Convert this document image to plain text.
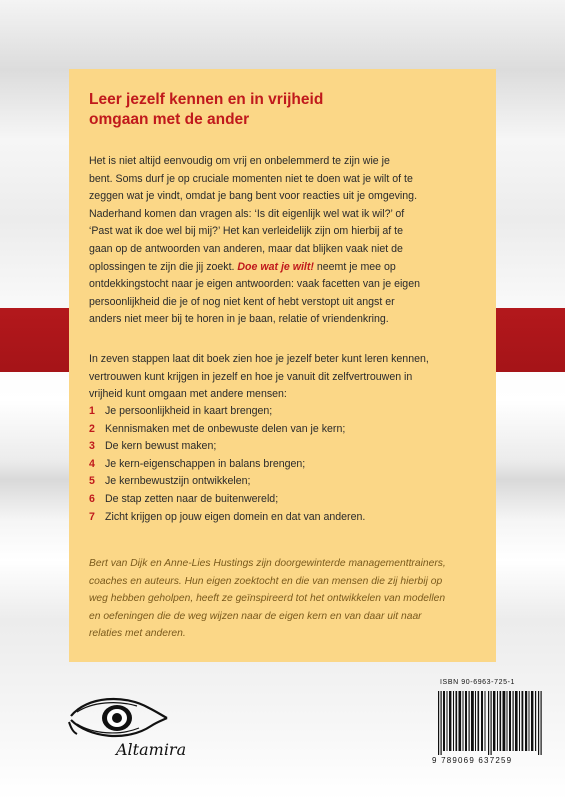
Leer jezelf kennen en in vrijheid
omgaan met de ander
Het is niet altijd eenvoudig om vrij en onbelemmerd te zijn wie je
bent. Soms durf je op cruciale momenten niet te doen wat je wilt of te
zeggen wat je vindt, omdat je bang bent voor reacties uit je omgeving.
Naderhand komen dan vragen als: ‘Is dit eigenlijk wel wat ik wil?’ of
‘Past wat ik doe wel bij mij?’ Het kan verleidelijk zijn om hierbij af te
gaan op de antwoorden van anderen, maar dat blijken vaak niet de
oplossingen te zijn die jij zoekt. Doe wat je wilt! neemt je mee op
ontdekkingstocht naar je eigen antwoorden: vaak facetten van je eigen
persoonlijkheid die je of nog niet kent of hebt verstopt uit angst er
anders niet meer bij te horen in je baan, relatie of vriendenkring.
In zeven stappen laat dit boek zien hoe je jezelf beter kunt leren kennen,
vertrouwen kunt krijgen in jezelf en hoe je vanuit dit zelfvertrouwen in
vrijheid kunt omgaan met andere mensen:
1 Je persoonlijkheid in kaart brengen;
2 Kennismaken met de onbewuste delen van je kern;
3 De kern bewust maken;
4 Je kern-eigenschappen in balans brengen;
5 Je kernbewustzijn ontwikkelen;
6 De stap zetten naar de buitenwereld;
7 Zicht krijgen op jouw eigen domein en dat van anderen.
Bert van Dijk en Anne-Lies Hustings zijn doorgewinterde managementtrainers,
coaches en auteurs. Hun eigen zoektocht en die van mensen die zij hierbij op
weg hebben geholpen, heeft ze geïnspireerd tot het ontwikkelen van modellen
en oefeningen die de weg wijzen naar de eigen kern en van daar uit naar
relaties met anderen.
Altamira
ISBN 90-6963-725-1
9 789069 637259
